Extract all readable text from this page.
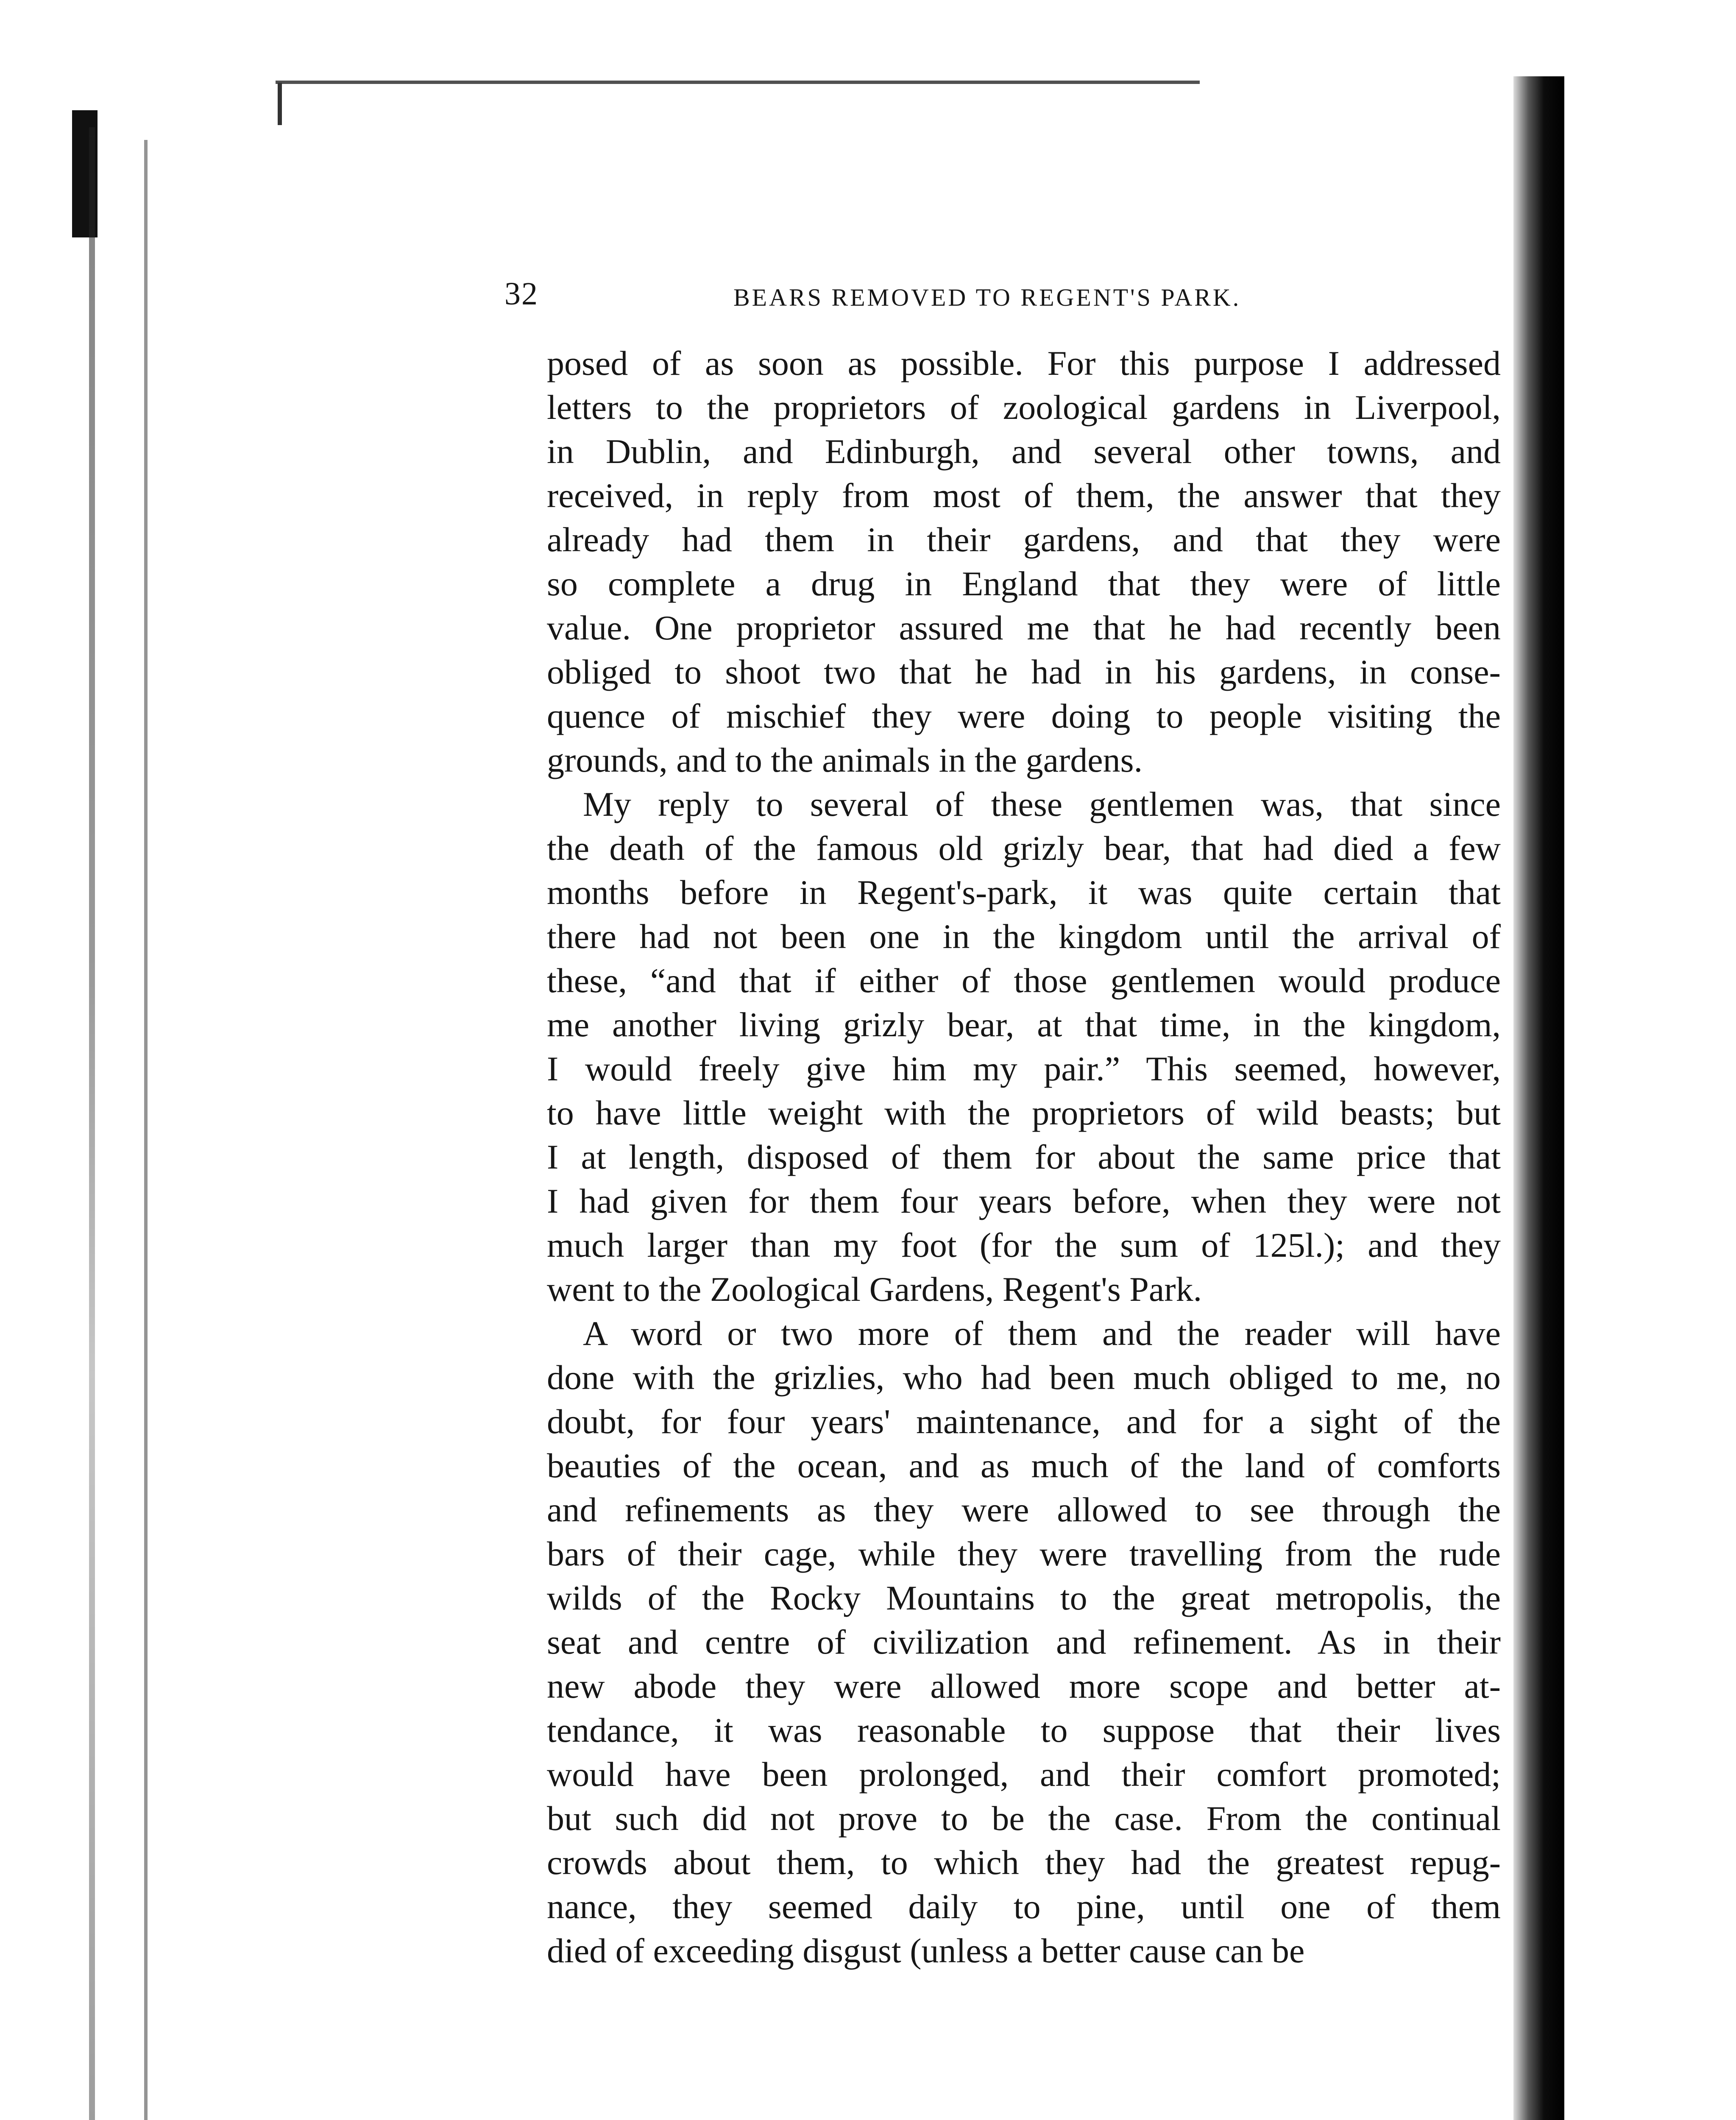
32	BEARS REMOVED TO REGENT'S PARK.
posed of as soon as possible. For this purpose I addressed
letters to the proprietors of zoological gardens in Liverpool,
in Dublin, and Edinburgh, and several other towns, and
received, in reply from most of them, the answer that they
already had them in their gardens, and that they were
so complete a drug in England that they were of little
value. One proprietor assured me that he had recently been
obliged to shoot two that he had in his gardens, in conse-
quence of mischief they were doing to people visiting the
grounds, and to the animals in the gardens.
My reply to several of these gentlemen was, that since
the death of the famous old grizly bear, that had died a few
months before in Regent's-park, it was quite certain that
there had not been one in the kingdom until the arrival of
these, “and that if either of those gentlemen would produce
me another living grizly bear, at that time, in the kingdom,
I would freely give him my pair.” This seemed, however,
to have little weight with the proprietors of wild beasts; but
I at length, disposed of them for about the same price that
I had given for them four years before, when they were not
much larger than my foot (for the sum of 125l.); and they
went to the Zoological Gardens, Regent's Park.
A word or two more of them and the reader will have
done with the grizlies, who had been much obliged to me, no
doubt, for four years' maintenance, and for a sight of the
beauties of the ocean, and as much of the land of comforts
and refinements as they were allowed to see through the
bars of their cage, while they were travelling from the rude
wilds of the Rocky Mountains to the great metropolis, the
seat and centre of civilization and refinement. As in their
new abode they were allowed more scope and better at-
tendance, it was reasonable to suppose that their lives
would have been prolonged, and their comfort promoted;
but such did not prove to be the case. From the continual
crowds about them, to which they had the greatest repug-
nance, they seemed daily to pine, until one of them
died of exceeding disgust (unless a better cause can be
